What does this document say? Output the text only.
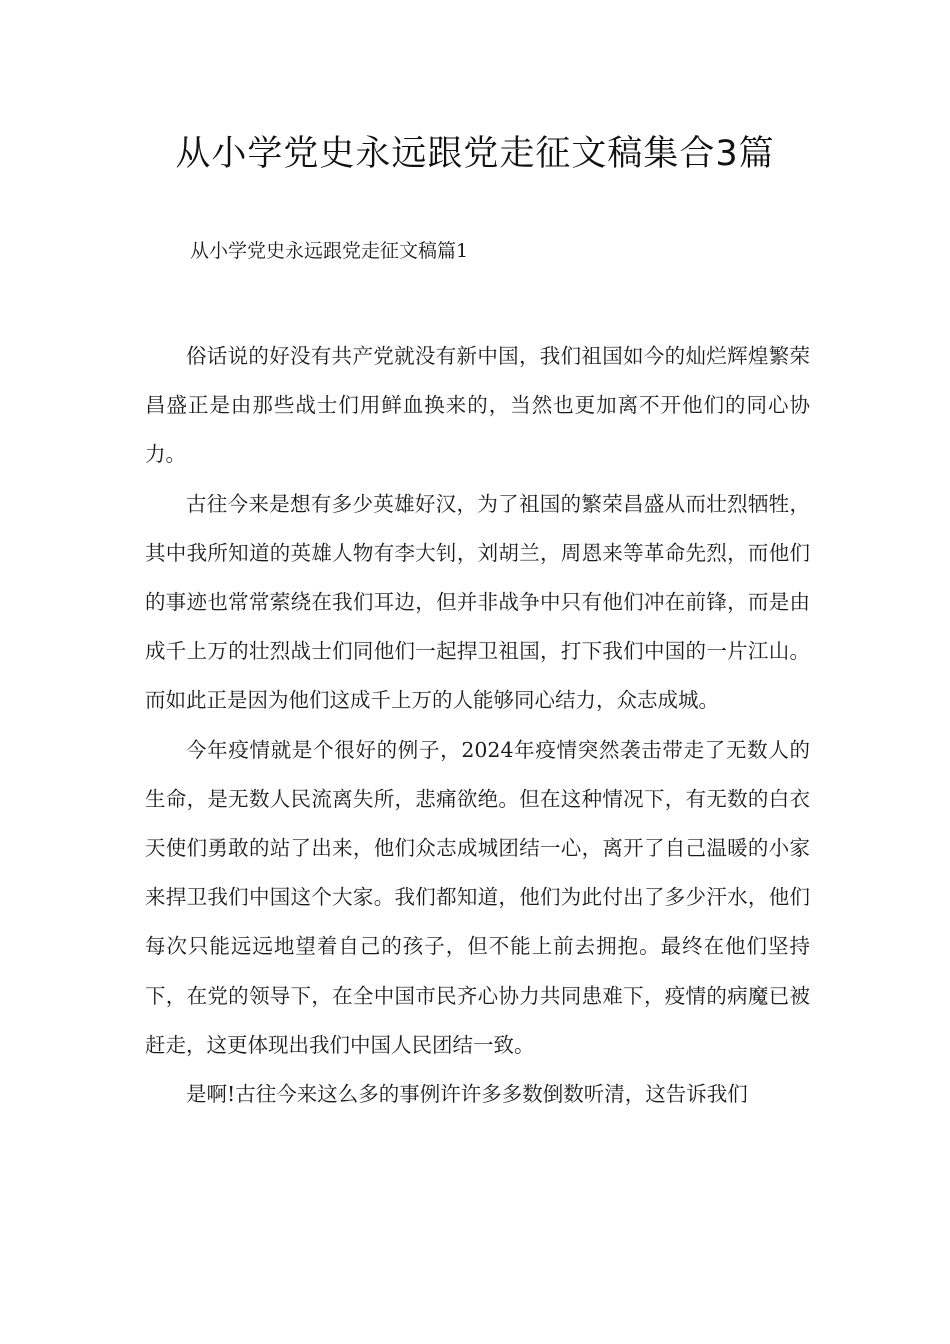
从小学党史永远跟党走征文稿集合3篇
从小学党史永远跟党走征文稿篇1

俗话说的好没有共产党就没有新中国，我们祖国如今的灿烂辉煌繁荣昌盛正是由那些战士们用鲜血换来的，当然也更加离不开他们的同心协力。

古往今来是想有多少英雄好汉，为了祖国的繁荣昌盛从而壮烈牺牲，其中我所知道的英雄人物有李大钊，刘胡兰，周恩来等革命先烈，而他们的事迹也常常萦绕在我们耳边，但并非战争中只有他们冲在前锋，而是由成千上万的壮烈战士们同他们一起捍卫祖国，打下我们中国的一片江山。而如此正是因为他们这成千上万的人能够同心结力，众志成城。

今年疫情就是个很好的例子，2024年疫情突然袭击带走了无数人的生命，是无数人民流离失所，悲痛欲绝。但在这种情况下，有无数的白衣天使们勇敢的站了出来，他们众志成城团结一心，离开了自己温暖的小家来捍卫我们中国这个大家。我们都知道，他们为此付出了多少汗水，他们每次只能远远地望着自己的孩子，但不能上前去拥抱。最终在他们坚持下，在党的领导下，在全中国市民齐心协力共同患难下，疫情的病魔已被赶走，这更体现出我们中国人民团结一致。

是啊!古往今来这么多的事例许许多多数倒数听清，这告诉我们
